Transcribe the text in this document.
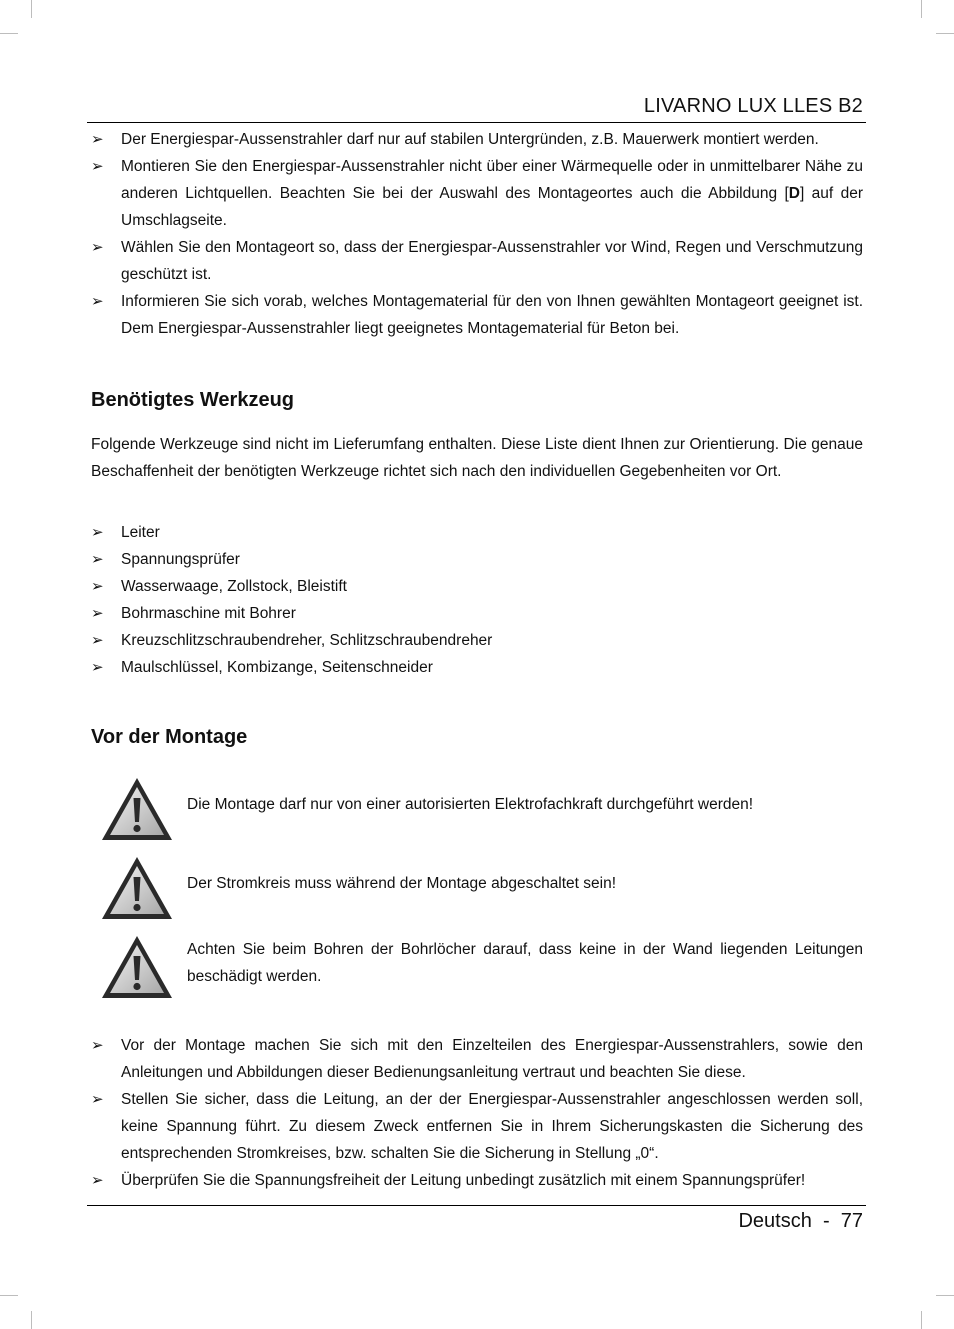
LIVARNO LUX LLES B2
➢ Der Energiespar-Aussenstrahler darf nur auf stabilen Untergründen, z.B. Mauerwerk montiert werden.
➢ Montieren Sie den Energiespar-Aussenstrahler nicht über einer Wärmequelle oder in unmittelbarer Nähe zu anderen Lichtquellen. Beachten Sie bei der Auswahl des Montageortes auch die Abbildung [D] auf der Umschlagseite.
➢ Wählen Sie den Montageort so, dass der Energiespar-Aussenstrahler vor Wind, Regen und Verschmutzung geschützt ist.
➢ Informieren Sie sich vorab, welches Montagematerial für den von Ihnen gewählten Montageort geeignet ist. Dem Energiespar-Aussenstrahler liegt geeignetes Montagematerial für Beton bei.
Benötigtes Werkzeug

Folgende Werkzeuge sind nicht im Lieferumfang enthalten. Diese Liste dient Ihnen zur Orientierung. Die genaue Beschaffenheit der benötigten Werkzeuge richtet sich nach den individuellen Gegebenheiten vor Ort.

➢ Leiter
➢ Spannungsprüfer
➢ Wasserwaage, Zollstock, Bleistift
➢ Bohrmaschine mit Bohrer
➢ Kreuzschlitzschraubendreher, Schlitzschraubendreher
➢ Maulschlüssel, Kombizange, Seitenschneider
Vor der Montage
Die Montage darf nur von einer autorisierten Elektrofachkraft durchgeführt werden!
Der Stromkreis muss während der Montage abgeschaltet sein!
Achten Sie beim Bohren der Bohrlöcher darauf, dass keine in der Wand liegenden Leitungen beschädigt werden.
➢ Vor der Montage machen Sie sich mit den Einzelteilen des Energiespar-Aussenstrahlers, sowie den Anleitungen und Abbildungen dieser Bedienungsanleitung vertraut und beachten Sie diese.
➢ Stellen Sie sicher, dass die Leitung, an der der Energiespar-Aussenstrahler angeschlossen werden soll, keine Spannung führt. Zu diesem Zweck entfernen Sie in Ihrem Sicherungskasten die Sicherung des entsprechenden Stromkreises, bzw. schalten Sie die Sicherung in Stellung „0“.
➢ Überprüfen Sie die Spannungsfreiheit der Leitung unbedingt zusätzlich mit einem Spannungsprüfer!
Deutsch  -  77
